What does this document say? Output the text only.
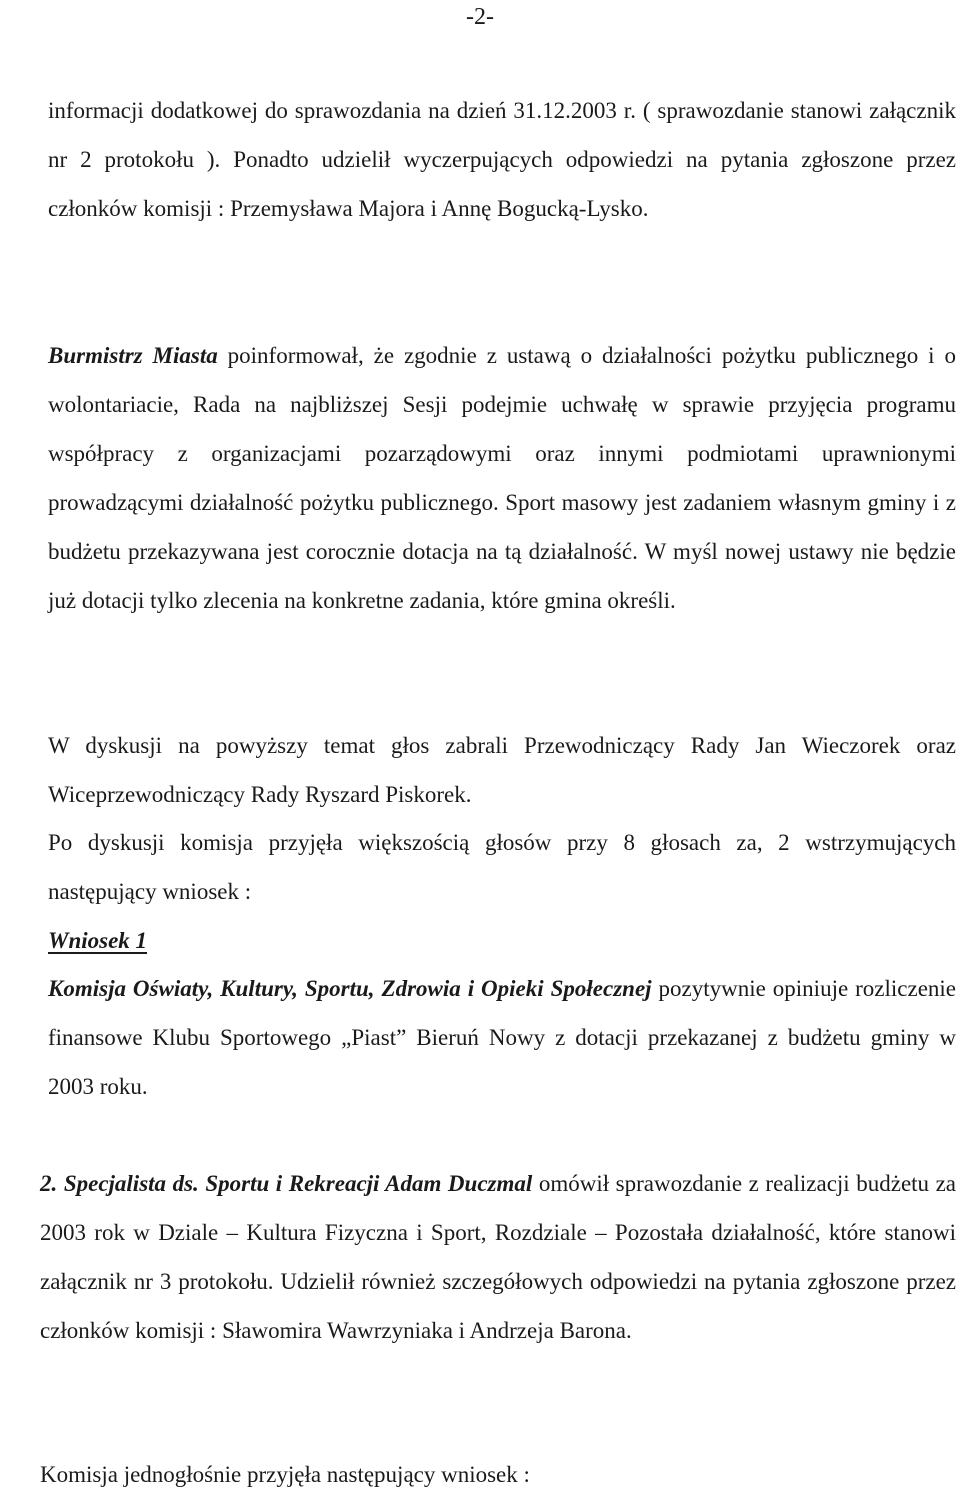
-2-

informacji dodatkowej do sprawozdania na dzień 31.12.2003 r. ( sprawozdanie stanowi załącznik nr 2 protokołu ). Ponadto udzielił wyczerpujących odpowiedzi na pytania zgłoszone przez członków komisji : Przemysława Majora i Annę Bogucką-Lysko.

Burmistrz Miasta poinformował, że zgodnie z ustawą o działalności pożytku publicznego i o wolontariacie, Rada na najbliższej Sesji podejmie uchwałę w sprawie przyjęcia programu współpracy z organizacjami pozarządowymi oraz innymi podmiotami uprawnionymi prowadzącymi działalność pożytku publicznego. Sport masowy jest zadaniem własnym gminy i z budżetu przekazywana jest corocznie dotacja na tą działalność. W myśl nowej ustawy nie będzie już dotacji tylko zlecenia na konkretne zadania, które gmina określi.

W dyskusji na powyższy temat głos zabrali Przewodniczący Rady Jan Wieczorek oraz Wiceprzewodniczący Rady Ryszard Piskorek.

Po dyskusji komisja przyjęła większością głosów przy 8 głosach za, 2 wstrzymujących następujący wniosek :

Wniosek 1

Komisja Oświaty, Kultury, Sportu, Zdrowia i Opieki Społecznej pozytywnie opiniuje rozliczenie finansowe Klubu Sportowego „Piast” Bieruń Nowy z dotacji przekazanej z budżetu gminy w 2003 roku.

2. Specjalista ds. Sportu i Rekreacji Adam Duczmal omówił sprawozdanie z realizacji budżetu za 2003 rok w Dziale – Kultura Fizyczna i Sport, Rozdziale – Pozostała działalność, które stanowi załącznik nr 3 protokołu. Udzielił również szczegółowych odpowiedzi na pytania zgłoszone przez członków komisji : Sławomira Wawrzyniaka i Andrzeja Barona.

Komisja jednogłośnie przyjęła następujący wniosek :
